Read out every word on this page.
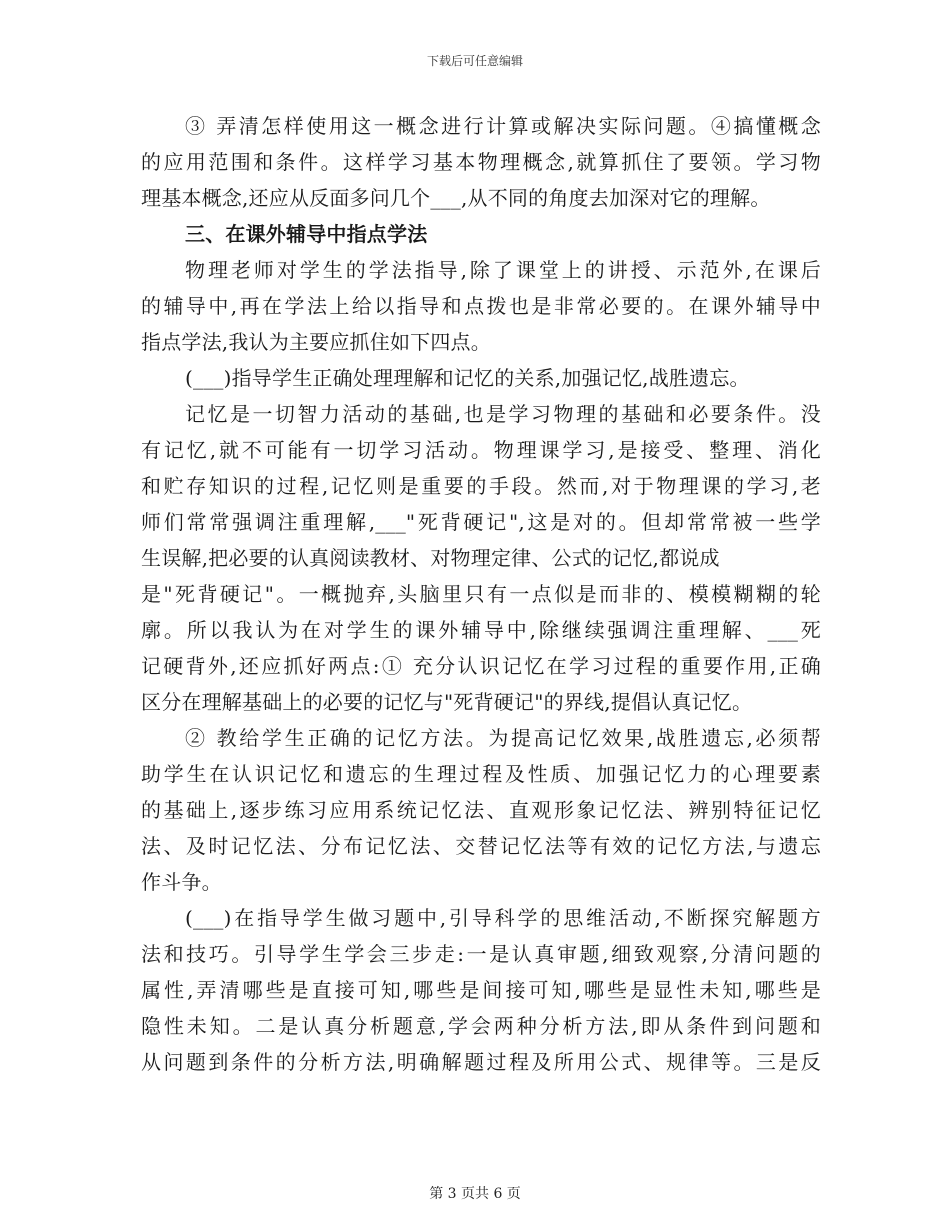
下载后可任意编辑
③ 弄清怎样使用这一概念进行计算或解决实际问题。④搞懂概念
的应用范围和条件。这样学习基本物理概念,就算抓住了要领。学习物
理基本概念,还应从反面多问几个___,从不同的角度去加深对它的理解。
三、在课外辅导中指点学法
物理老师对学生的学法指导,除了课堂上的讲授、示范外,在课后
的辅导中,再在学法上给以指导和点拨也是非常必要的。在课外辅导中
指点学法,我认为主要应抓住如下四点。
(___)指导学生正确处理理解和记忆的关系,加强记忆,战胜遗忘。
记忆是一切智力活动的基础,也是学习物理的基础和必要条件。没
有记忆,就不可能有一切学习活动。物理课学习,是接受、整理、消化
和贮存知识的过程,记忆则是重要的手段。然而,对于物理课的学习,老
师们常常强调注重理解,___"死背硬记",这是对的。但却常常被一些学
生误解,把必要的认真阅读教材、对物理定律、公式的记忆,都说成
是"死背硬记"。一概抛弃,头脑里只有一点似是而非的、模模糊糊的轮
廓。所以我认为在对学生的课外辅导中,除继续强调注重理解、___死
记硬背外,还应抓好两点:① 充分认识记忆在学习过程的重要作用,正确
区分在理解基础上的必要的记忆与"死背硬记"的界线,提倡认真记忆。
② 教给学生正确的记忆方法。为提高记忆效果,战胜遗忘,必须帮
助学生在认识记忆和遗忘的生理过程及性质、加强记忆力的心理要素
的基础上,逐步练习应用系统记忆法、直观形象记忆法、辨别特征记忆
法、及时记忆法、分布记忆法、交替记忆法等有效的记忆方法,与遗忘
作斗争。
(___)在指导学生做习题中,引导科学的思维活动,不断探究解题方
法和技巧。引导学生学会三步走:一是认真审题,细致观察,分清问题的
属性,弄清哪些是直接可知,哪些是间接可知,哪些是显性未知,哪些是
隐性未知。二是认真分析题意,学会两种分析方法,即从条件到问题和
从问题到条件的分析方法,明确解题过程及所用公式、规律等。三是反
第 3 页共 6 页
